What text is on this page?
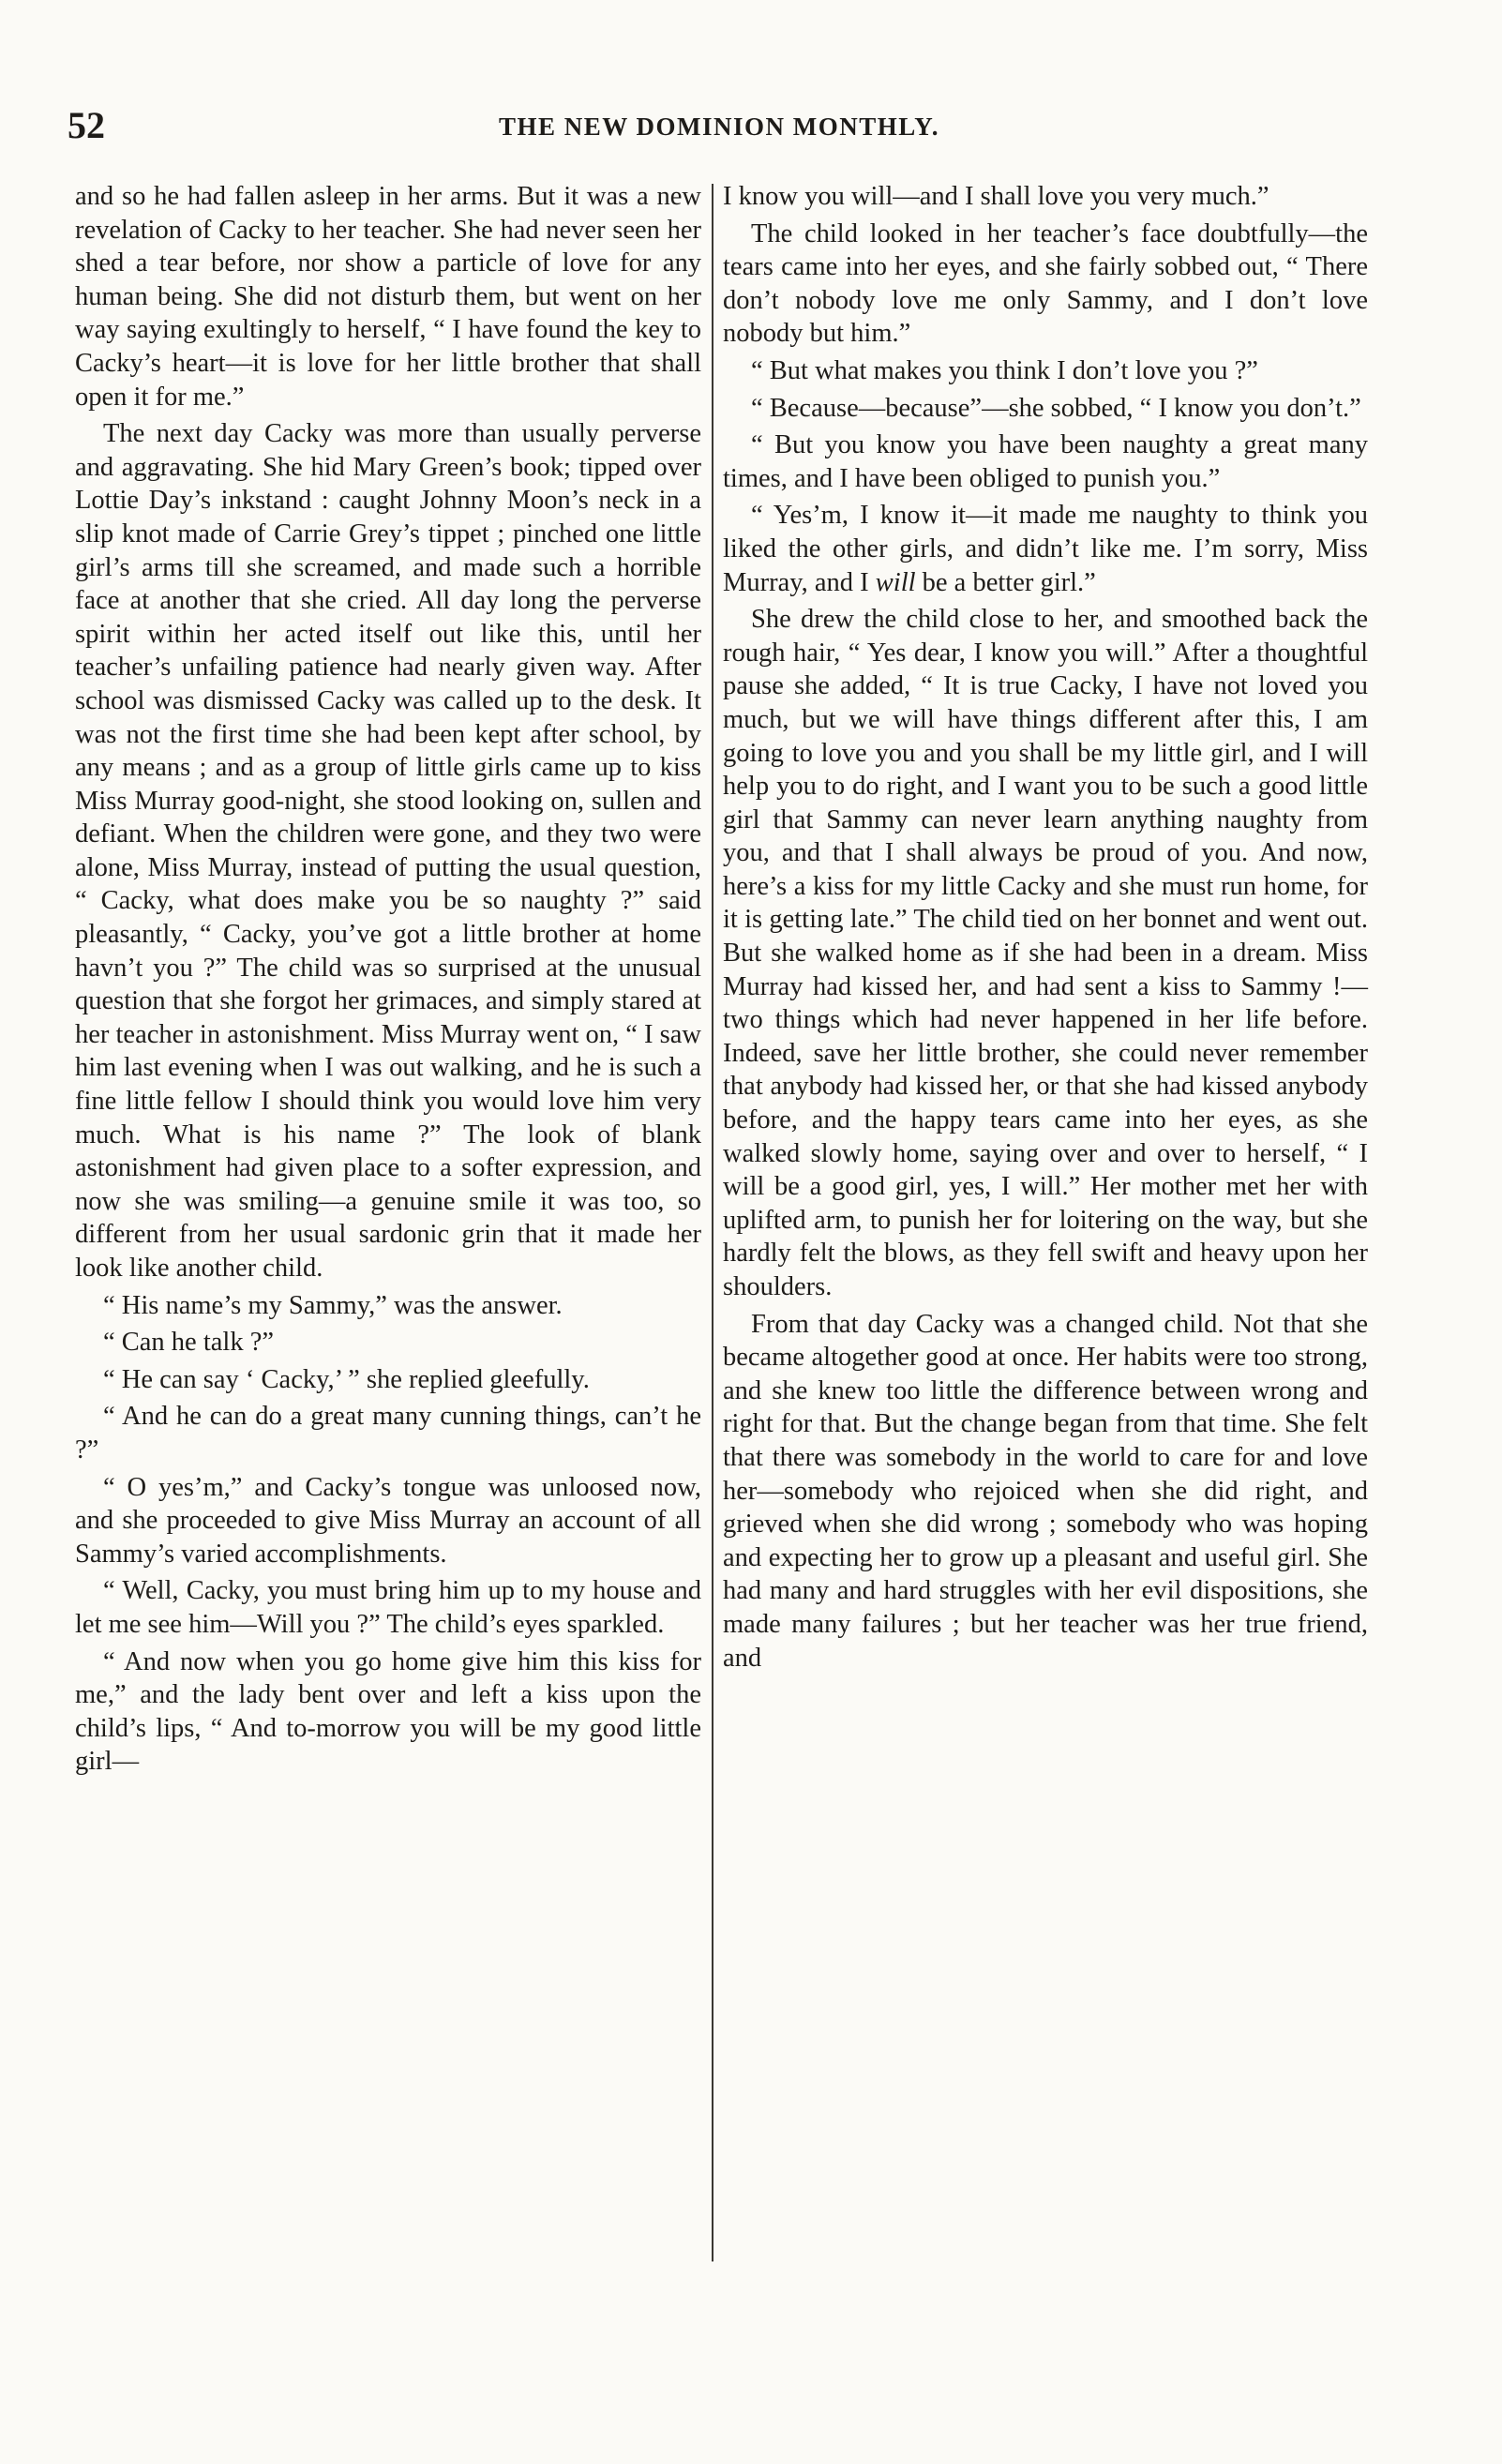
52	THE NEW DOMINION MONTHLY.

and so he had fallen asleep in her arms. But it was a new revelation of Cacky to her teacher. She had never seen her shed a tear before, nor show a particle of love for any human being. She did not disturb them, but went on her way saying exultingly to herself, “ I have found the key to Cacky’s heart—it is love for her little brother that shall open it for me.”

The next day Cacky was more than usually perverse and aggravating. She hid Mary Green’s book; tipped over Lottie Day’s inkstand : caught Johnny Moon’s neck in a slip knot made of Carrie Grey’s tippet ; pinched one little girl’s arms till she screamed, and made such a horrible face at another that she cried. All day long the perverse spirit within her acted itself out like this, until her teacher’s unfailing patience had nearly given way. After school was dismissed Cacky was called up to the desk. It was not the first time she had been kept after school, by any means ; and as a group of little girls came up to kiss Miss Murray good-night, she stood looking on, sullen and defiant. When the children were gone, and they two were alone, Miss Murray, instead of putting the usual question, “ Cacky, what does make you be so naughty ?” said pleasantly, “ Cacky, you’ve got a little brother at home havn’t you ?” The child was so surprised at the unusual question that she forgot her grimaces, and simply stared at her teacher in astonishment. Miss Murray went on, “ I saw him last evening when I was out walking, and he is such a fine little fellow I should think you would love him very much. What is his name ?” The look of blank astonishment had given place to a softer expression, and now she was smiling—a genuine smile it was too, so different from her usual sardonic grin that it made her look like another child.

“ His name’s my Sammy,” was the answer.

“ Can he talk ?”

“ He can say ‘ Cacky,’ ” she replied gleefully.

“ And he can do a great many cunning things, can’t he ?”

“ O yes’m,” and Cacky’s tongue was unloosed now, and she proceeded to give Miss Murray an account of all Sammy’s varied accomplishments.

“ Well, Cacky, you must bring him up to my house and let me see him—Will you ?” The child’s eyes sparkled.

“ And now when you go home give him this kiss for me,” and the lady bent over and left a kiss upon the child’s lips, “ And to-morrow you will be my good little girl—

I know you will—and I shall love you very much.”

The child looked in her teacher’s face doubtfully—the tears came into her eyes, and she fairly sobbed out, “ There don’t nobody love me only Sammy, and I don’t love nobody but him.”

“ But what makes you think I don’t love you ?”

“ Because—because”—she sobbed, “ I know you don’t.”

“ But you know you have been naughty a great many times, and I have been obliged to punish you.”

“ Yes’m, I know it—it made me naughty to think you liked the other girls, and didn’t like me. I’m sorry, Miss Murray, and I will be a better girl.”

She drew the child close to her, and smoothed back the rough hair, “ Yes dear, I know you will.” After a thoughtful pause she added, “ It is true Cacky, I have not loved you much, but we will have things different after this, I am going to love you and you shall be my little girl, and I will help you to do right, and I want you to be such a good little girl that Sammy can never learn anything naughty from you, and that I shall always be proud of you. And now, here’s a kiss for my little Cacky and she must run home, for it is getting late.” The child tied on her bonnet and went out. But she walked home as if she had been in a dream. Miss Murray had kissed her, and had sent a kiss to Sammy !—two things which had never happened in her life before. Indeed, save her little brother, she could never remember that anybody had kissed her, or that she had kissed anybody before, and the happy tears came into her eyes, as she walked slowly home, saying over and over to herself, “ I will be a good girl, yes, I will.” Her mother met her with uplifted arm, to punish her for loitering on the way, but she hardly felt the blows, as they fell swift and heavy upon her shoulders.

From that day Cacky was a changed child. Not that she became altogether good at once. Her habits were too strong, and she knew too little the difference between wrong and right for that. But the change began from that time. She felt that there was somebody in the world to care for and love her—somebody who rejoiced when she did right, and grieved when she did wrong ; somebody who was hoping and expecting her to grow up a pleasant and useful girl. She had many and hard struggles with her evil dispositions, she made many failures ; but her teacher was her true friend, and
